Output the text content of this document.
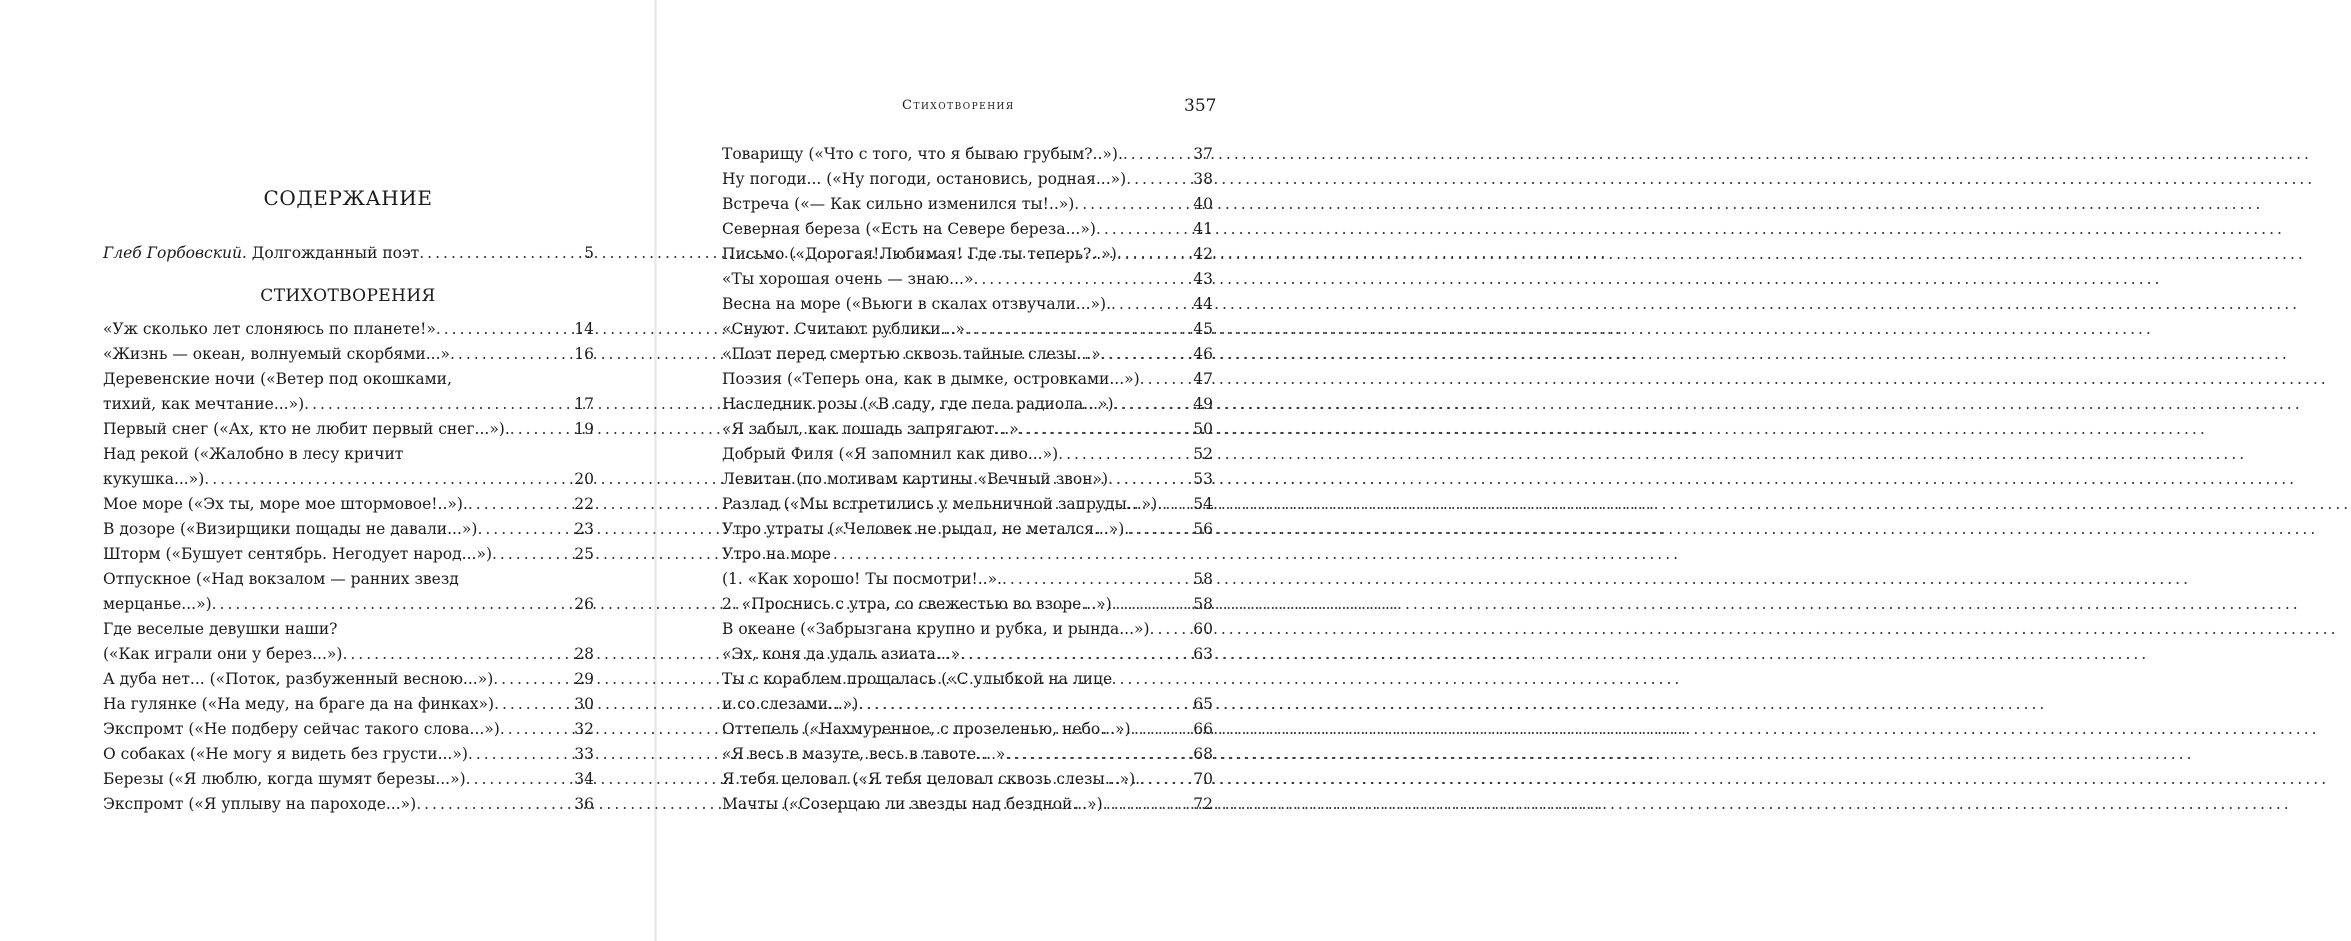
СОДЕРЖАНИЕ
Глеб Горбовский. Долгожданный поэт .....	5
СТИХОТВОРЕНИЯ
«Уж сколько лет слоняюсь по планете!» .....	14
«Жизнь — океан, волнуемый скорбями...» .....	16
Деревенские ночи («Ветер под окошками,
тихий, как мечтание...») .....	17
Первый снег («Ах, кто не любит первый снег...»). .....	19
Над рекой («Жалобно в лесу кричит
кукушка...») .....	20
Мое море («Эх ты, море мое штормовое!..»). .....	22
В дозоре («Визирщики пощады не давали...») .....	23
Шторм («Бушует сентябрь. Негодует народ...») .....	25
Отпускное («Над вокзалом — ранних звезд
мерцанье...») .....	26
Где веселые девушки наши?
(«Как играли они у берез...») .....	28
А дуба нет... («Поток, разбуженный весною...») .....	29
На гулянке («На меду, на браге да на финках») .....	30
Экспромт («Не подберу сейчас такого слова...») .....	32
О собаках («Не могу я видеть без грусти...») .....	33
Березы («Я люблю, когда шумят березы...») .....	34
Экспромт («Я уплыву на пароходе...») .....	36
Стихотворения	357
Товарищу («Что с того, что я бываю грубым?..»). .....	37
Ну погоди... («Ну погоди, остановись, родная...») .....	38
Встреча («— Как сильно изменился ты!..») .....	40
Северная береза («Есть на Севере береза...») .....	41
Письмо («Дорогая!Любимая! Где ты теперь?..») .....	42
«Ты хорошая очень — знаю...» .....	43
Весна на море («Вьюги в скалах отзвучали...»). .....	44
«Снуют. Считают рублики...» .....	45
«Поэт перед смертью сквозь тайные слезы...» .....	46
Поэзия («Теперь она, как в дымке, островками...») .....	47
Наследник розы («В саду, где пела радиола...») .....	49
«Я забыл, как лошадь запрягают...» .....	50
Добрый Филя («Я запомнил как диво...») .....	52
Левитан (по мотивам картины «Вечный звон») .....	53
Разлад («Мы встретились у мельничной запруды...»). ..... 54
Утро утраты («Человек не рыдал, не метался...»). .....	56
Утро на море
(1. «Как хорошо! Ты посмотри!..». .....	58
2. «Проснись с утра, со свежестью во взоре...») .....	58
В океане («Забрызгана крупно и рубка, и рында...») .....	60
«Эх, коня да удаль азиата...» .....	63
Ты с кораблем прощалась («С улыбкой на лице
и со слезами...») .....	65
Оттепель («Нахмуренное, с прозеленью, небо...») .....	66
«Я весь в мазуте, весь в тавоте... » .....	68
Я тебя целовал («Я тебя целовал сквозь слезы...»). .....	70
Мачты («Созерцаю ли звезды над бездной...») .....	72
